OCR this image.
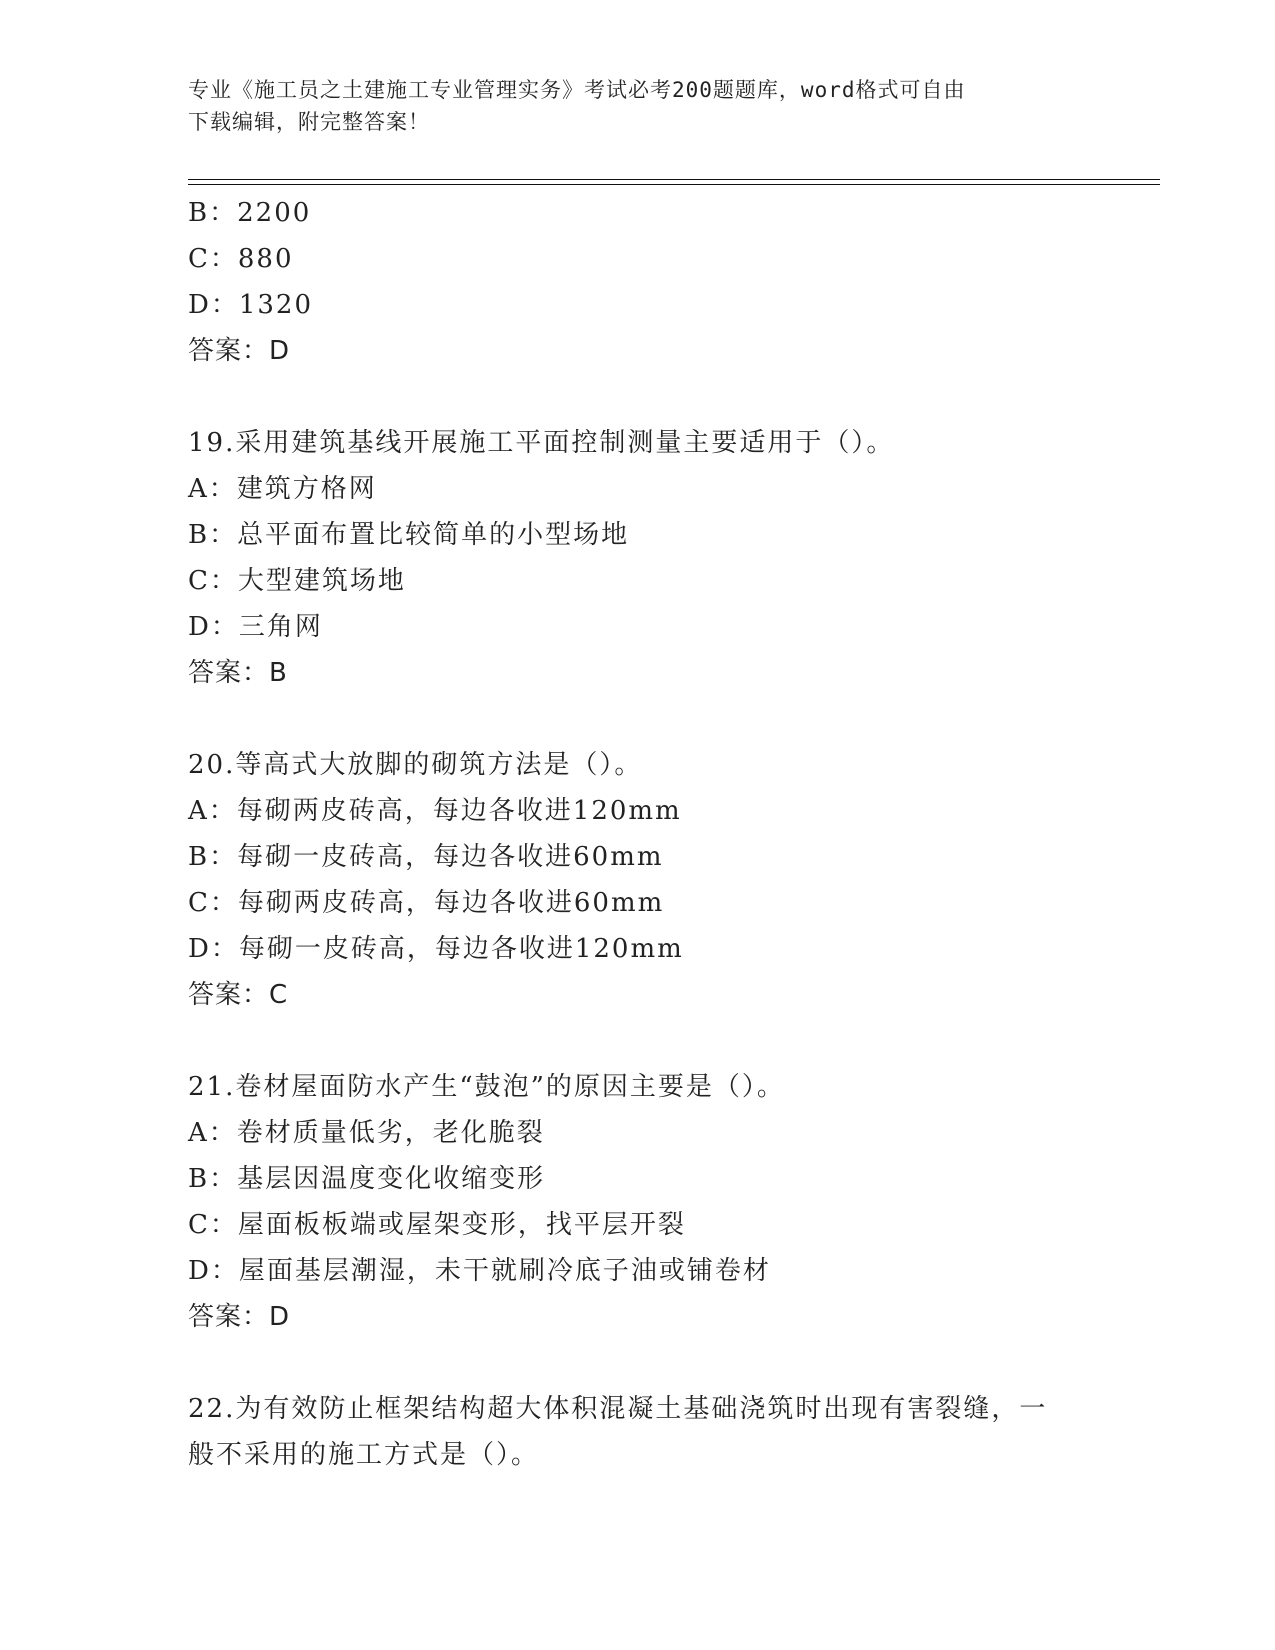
专业《施工员之土建施工专业管理实务》考试必考200题题库，word格式可自由
下载编辑，附完整答案！
B：2200
C：880
D：1320
答案：D
19.采用建筑基线开展施工平面控制测量主要适用于（）。
A：建筑方格网
B：总平面布置比较简单的小型场地
C：大型建筑场地
D：三角网
答案：B
20.等高式大放脚的砌筑方法是（）。
A：每砌两皮砖高，每边各收进120mm
B：每砌一皮砖高，每边各收进60mm
C：每砌两皮砖高，每边各收进60mm
D：每砌一皮砖高，每边各收进120mm
答案：C
21.卷材屋面防水产生“鼓泡”的原因主要是（）。
A：卷材质量低劣，老化脆裂
B：基层因温度变化收缩变形
C：屋面板板端或屋架变形，找平层开裂
D：屋面基层潮湿，未干就刷冷底子油或铺卷材
答案：D
22.为有效防止框架结构超大体积混凝土基础浇筑时出现有害裂缝，一
般不采用的施工方式是（）。
